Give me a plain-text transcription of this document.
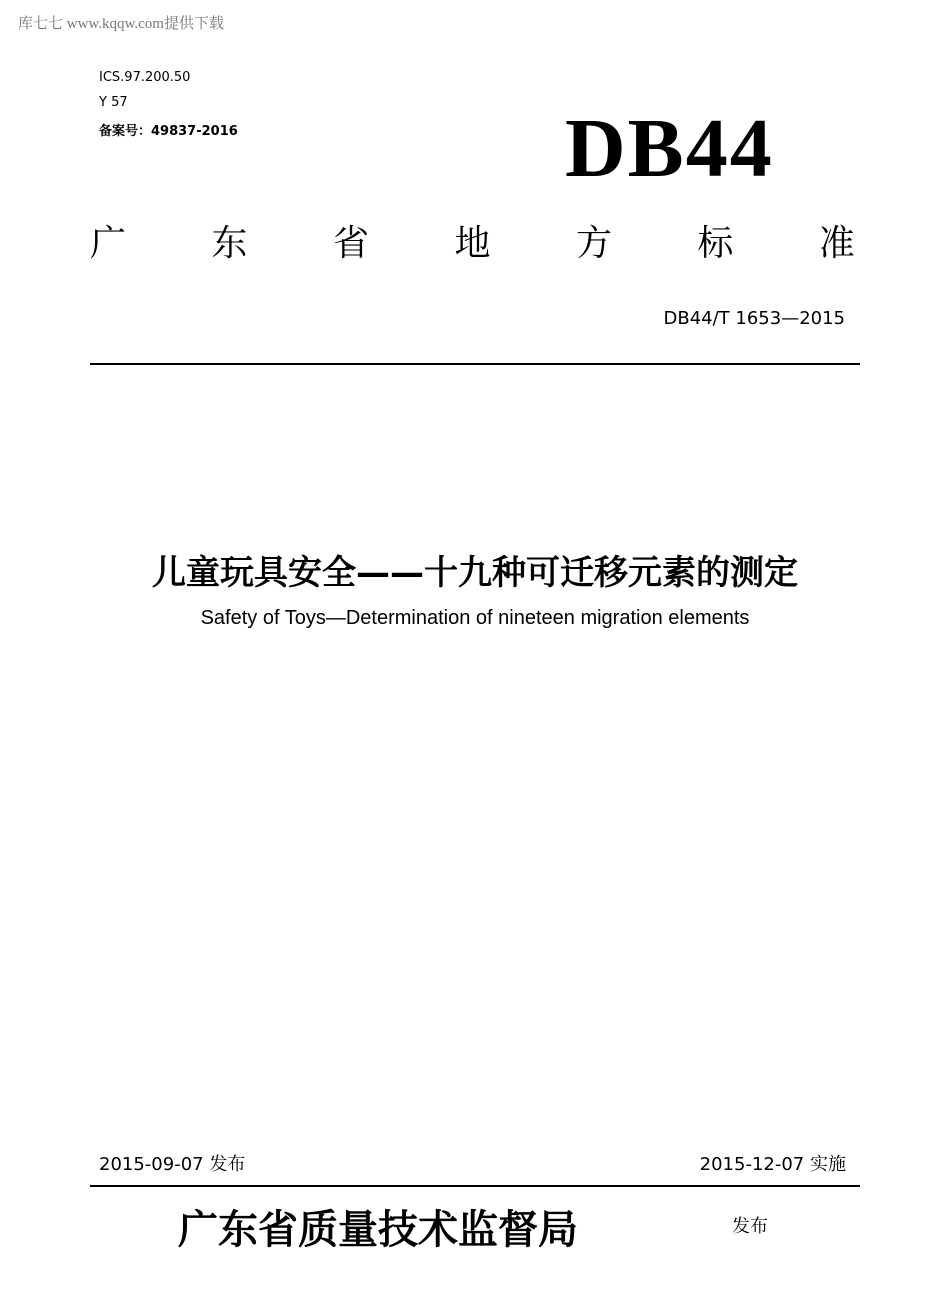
库七七 www.kqqw.com提供下载
ICS.97.200.50
Y 57
备案号：49837-2016	DB44
广 东 省 地 方 标 准
DB44/T 1653—2015
儿童玩具安全——十九种可迁移元素的测定
Safety of Toys—Determination of nineteen migration elements
2015-09-07 发布	2015-12-07 实施
广东省质量技术监督局	发布
